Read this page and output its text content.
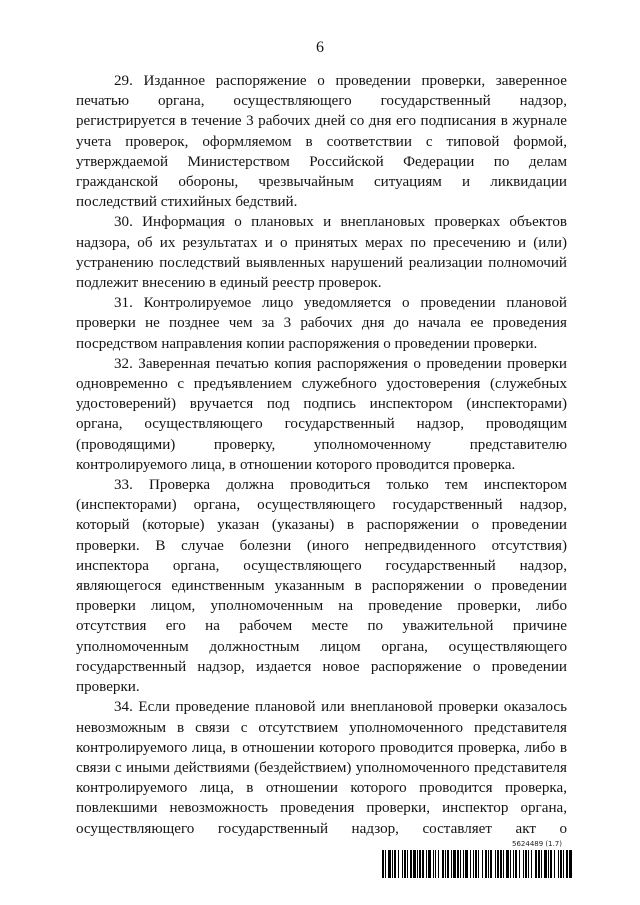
6

29. Изданное распоряжение о проведении проверки, заверенное печатью органа, осуществляющего государственный надзор, регистрируется в течение 3 рабочих дней со дня его подписания в журнале учета проверок, оформляемом в соответствии с типовой формой, утверждаемой Министерством Российской Федерации по делам гражданской обороны, чрезвычайным ситуациям и ликвидации последствий стихийных бедствий.

30. Информация о плановых и внеплановых проверках объектов надзора, об их результатах и о принятых мерах по пресечению и (или) устранению последствий выявленных нарушений реализации полномочий подлежит внесению в единый реестр проверок.

31. Контролируемое лицо уведомляется о проведении плановой проверки не позднее чем за 3 рабочих дня до начала ее проведения посредством направления копии распоряжения о проведении проверки.

32. Заверенная печатью копия распоряжения о проведении проверки одновременно с предъявлением служебного удостоверения (служебных удостоверений) вручается под подпись инспектором (инспекторами) органа, осуществляющего государственный надзор, проводящим (проводящими) проверку, уполномоченному представителю контролируемого лица, в отношении которого проводится проверка.

33. Проверка должна проводиться только тем инспектором (инспекторами) органа, осуществляющего государственный надзор, который (которые) указан (указаны) в распоряжении о проведении проверки. В случае болезни (иного непредвиденного отсутствия) инспектора органа, осуществляющего государственный надзор, являющегося единственным указанным в распоряжении о проведении проверки лицом, уполномоченным на проведение проверки, либо отсутствия его на рабочем месте по уважительной причине уполномоченным должностным лицом органа, осуществляющего государственный надзор, издается новое распоряжение о проведении проверки.

34. Если проведение плановой или внеплановой проверки оказалось невозможным в связи с отсутствием уполномоченного представителя контролируемого лица, в отношении которого проводится проверка, либо в связи с иными действиями (бездействием) уполномоченного представителя контролируемого лица, в отношении которого проводится проверка, повлекшими невозможность проведения проверки, инспектор органа, осуществляющего государственный надзор, составляет акт о

5624489 (1.7)
